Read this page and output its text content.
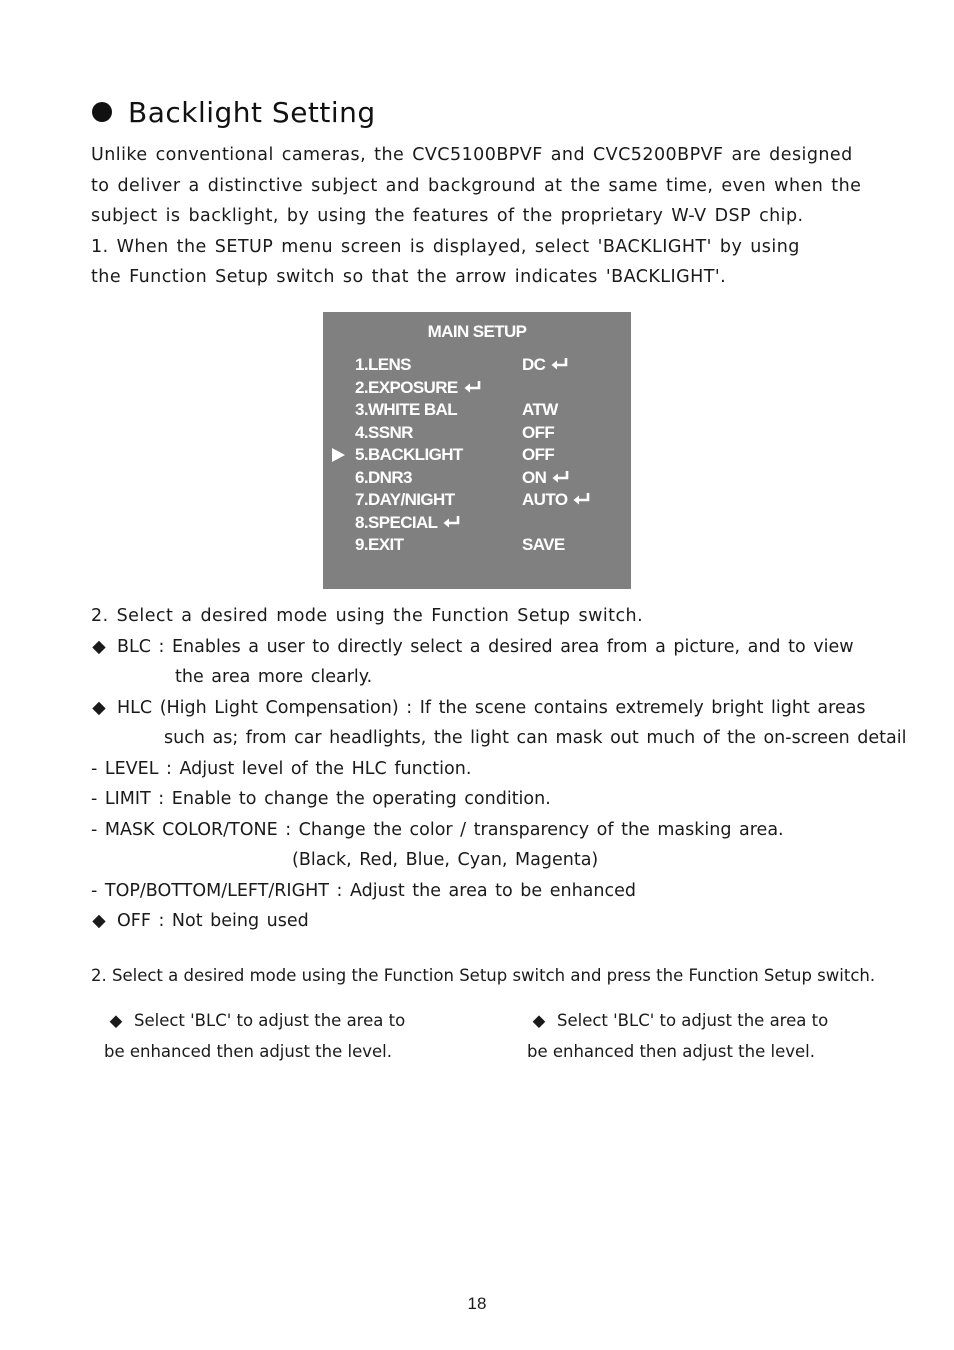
Backlight Setting
Unlike conventional cameras, the CVC5100BPVF and CVC5200BPVF are designed
to deliver a distinctive subject and background at the same time, even when the
subject is backlight, by using the features of the proprietary W-V DSP chip.
1. When the SETUP menu screen is displayed, select 'BACKLIGHT' by using
the Function Setup switch so that the arrow indicates 'BACKLIGHT'.
MAIN SETUP
1.LENS	DC
2.EXPOSURE
3.WHITE BAL	ATW
4.SSNR	OFF
5.BACKLIGHT	OFF
6.DNR3	ON
7.DAY/NIGHT	AUTO
8.SPECIAL
9.EXIT	SAVE
2. Select a desired mode using the Function Setup switch.
◆ BLC : Enables a user to directly select a desired area from a picture, and to view
the area more clearly.
◆ HLC (High Light Compensation) : If the scene contains extremely bright light areas
such as; from car headlights, the light can mask out much of the on-screen detail
- LEVEL : Adjust level of the HLC function.
- LIMIT : Enable to change the operating condition.
- MASK COLOR/TONE : Change the color / transparency of the masking area.
(Black, Red, Blue, Cyan, Magenta)
- TOP/BOTTOM/LEFT/RIGHT : Adjust the area to be enhanced
◆ OFF : Not being used
2. Select a desired mode using the Function Setup switch and press the Function Setup switch.
◆ Select 'BLC' to adjust the area to
be enhanced then adjust the level.
◆ Select 'BLC' to adjust the area to
be enhanced then adjust the level.
18
